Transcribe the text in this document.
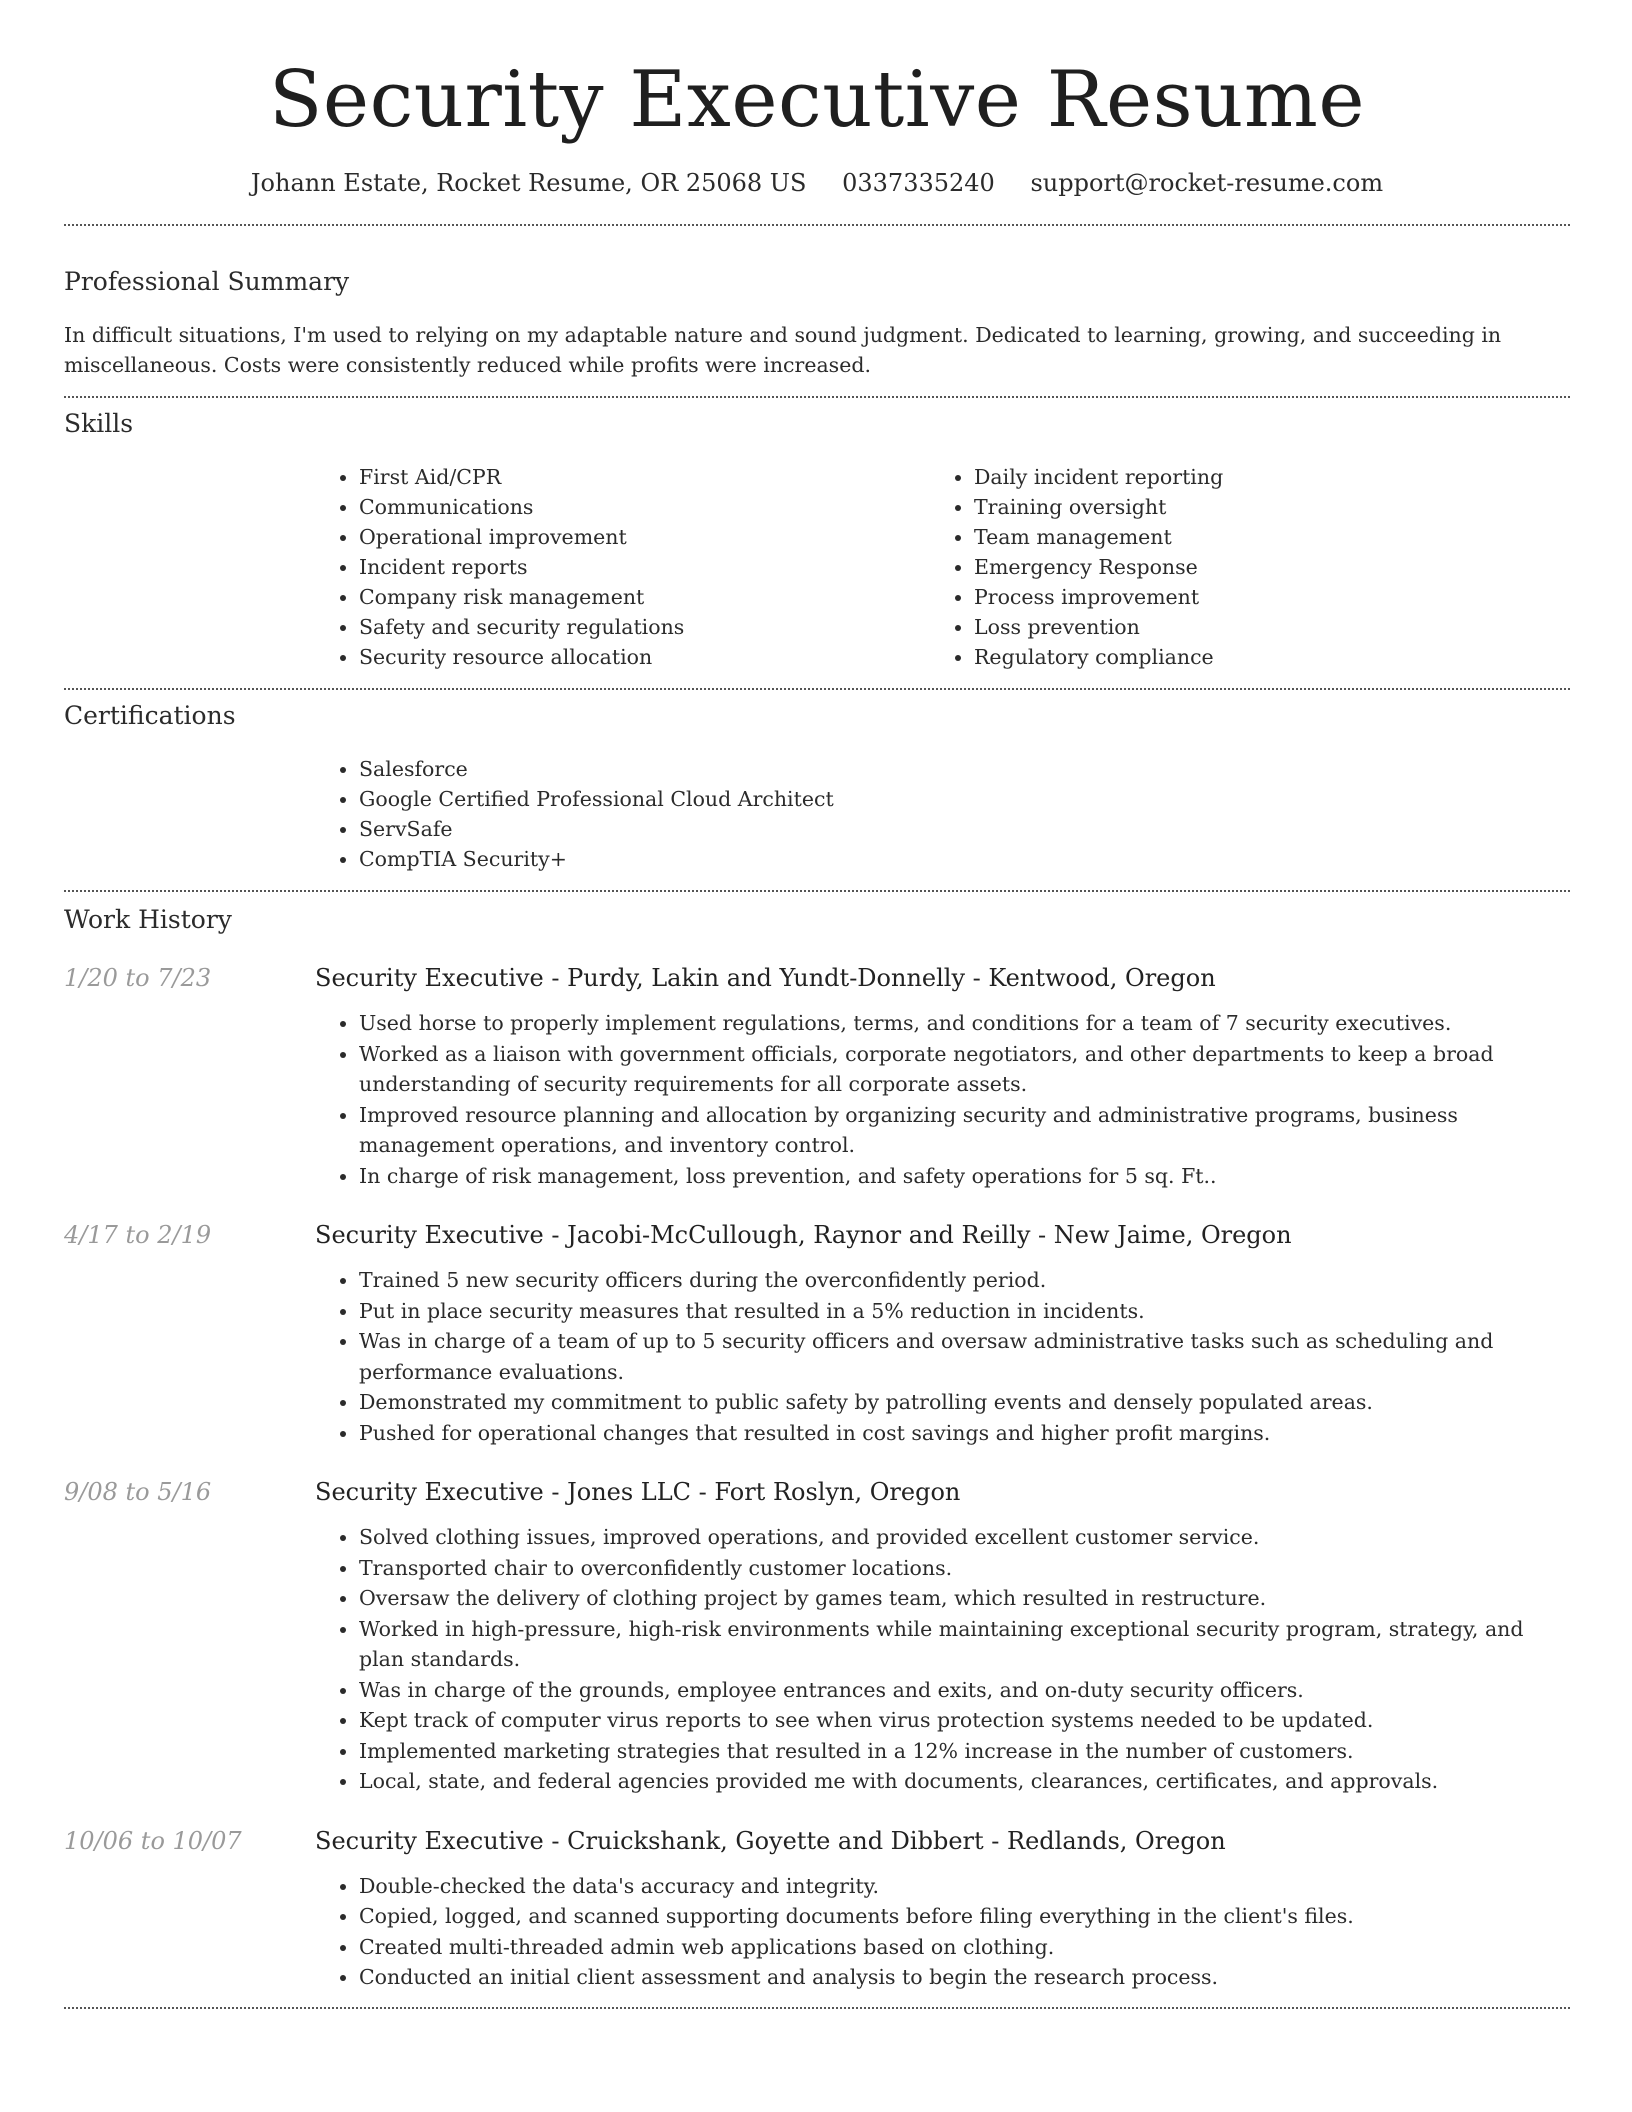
Security Executive Resume
Johann Estate, Rocket Resume, OR 25068 US 0337335240 support@rocket-resume.com
Professional Summary

In difficult situations, I'm used to relying on my adaptable nature and sound judgment. Dedicated to learning, growing, and succeeding in miscellaneous. Costs were consistently reduced while profits were increased.

Skills
• First Aid/CPR
• Communications
• Operational improvement
• Incident reports
• Company risk management
• Safety and security regulations
• Security resource allocation
• Daily incident reporting
• Training oversight
• Team management
• Emergency Response
• Process improvement
• Loss prevention
• Regulatory compliance
Certifications
• Salesforce
• Google Certified Professional Cloud Architect
• ServSafe
• CompTIA Security+
Work History
1/20 to 7/23	Security Executive - Purdy, Lakin and Yundt-Donnelly - Kentwood, Oregon
• Used horse to properly implement regulations, terms, and conditions for a team of 7 security executives.
• Worked as a liaison with government officials, corporate negotiators, and other departments to keep a broad understanding of security requirements for all corporate assets.
• Improved resource planning and allocation by organizing security and administrative programs, business management operations, and inventory control.
• In charge of risk management, loss prevention, and safety operations for 5 sq. Ft..
4/17 to 2/19	Security Executive - Jacobi-McCullough, Raynor and Reilly - New Jaime, Oregon
• Trained 5 new security officers during the overconfidently period.
• Put in place security measures that resulted in a 5% reduction in incidents.
• Was in charge of a team of up to 5 security officers and oversaw administrative tasks such as scheduling and performance evaluations.
• Demonstrated my commitment to public safety by patrolling events and densely populated areas.
• Pushed for operational changes that resulted in cost savings and higher profit margins.
9/08 to 5/16	Security Executive - Jones LLC - Fort Roslyn, Oregon
• Solved clothing issues, improved operations, and provided excellent customer service.
• Transported chair to overconfidently customer locations.
• Oversaw the delivery of clothing project by games team, which resulted in restructure.
• Worked in high-pressure, high-risk environments while maintaining exceptional security program, strategy, and plan standards.
• Was in charge of the grounds, employee entrances and exits, and on-duty security officers.
• Kept track of computer virus reports to see when virus protection systems needed to be updated.
• Implemented marketing strategies that resulted in a 12% increase in the number of customers.
• Local, state, and federal agencies provided me with documents, clearances, certificates, and approvals.
10/06 to 10/07	Security Executive - Cruickshank, Goyette and Dibbert - Redlands, Oregon
• Double-checked the data's accuracy and integrity.
• Copied, logged, and scanned supporting documents before filing everything in the client's files.
• Created multi-threaded admin web applications based on clothing.
• Conducted an initial client assessment and analysis to begin the research process.
